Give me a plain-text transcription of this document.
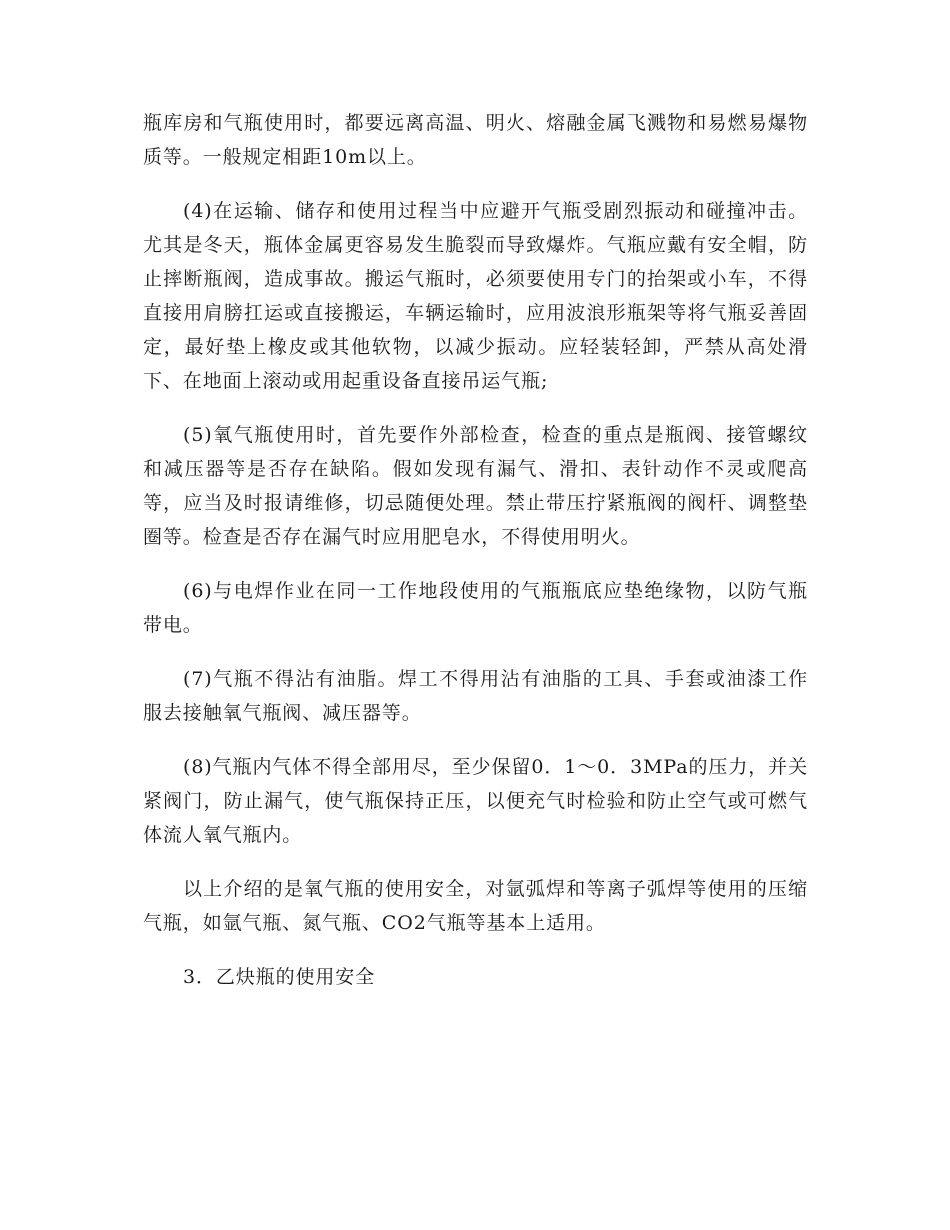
瓶库房和气瓶使用时，都要远离高温、明火、熔融金属飞溅物和易燃易爆物质等。一般规定相距10m以上。

(4)在运输、储存和使用过程当中应避开气瓶受剧烈振动和碰撞冲击。尤其是冬天，瓶体金属更容易发生脆裂而导致爆炸。气瓶应戴有安全帽，防止摔断瓶阀，造成事故。搬运气瓶时，必须要使用专门的抬架或小车，不得直接用肩膀扛运或直接搬运，车辆运输时，应用波浪形瓶架等将气瓶妥善固定，最好垫上橡皮或其他软物，以减少振动。应轻装轻卸，严禁从高处滑下、在地面上滚动或用起重设备直接吊运气瓶;

(5)氧气瓶使用时，首先要作外部检查，检查的重点是瓶阀、接管螺纹和减压器等是否存在缺陷。假如发现有漏气、滑扣、表针动作不灵或爬高等，应当及时报请维修，切忌随便处理。禁止带压拧紧瓶阀的阀杆、调整垫圈等。检查是否存在漏气时应用肥皂水，不得使用明火。

(6)与电焊作业在同一工作地段使用的气瓶瓶底应垫绝缘物，以防气瓶带电。

(7)气瓶不得沾有油脂。焊工不得用沾有油脂的工具、手套或油漆工作服去接触氧气瓶阀、减压器等。

(8)气瓶内气体不得全部用尽，至少保留0．1～0．3MPa的压力，并关紧阀门，防止漏气，使气瓶保持正压，以便充气时检验和防止空气或可燃气体流人氧气瓶内。

以上介绍的是氧气瓶的使用安全，对氩弧焊和等离子弧焊等使用的压缩气瓶，如氩气瓶、氮气瓶、CO2气瓶等基本上适用。

3．乙炔瓶的使用安全
